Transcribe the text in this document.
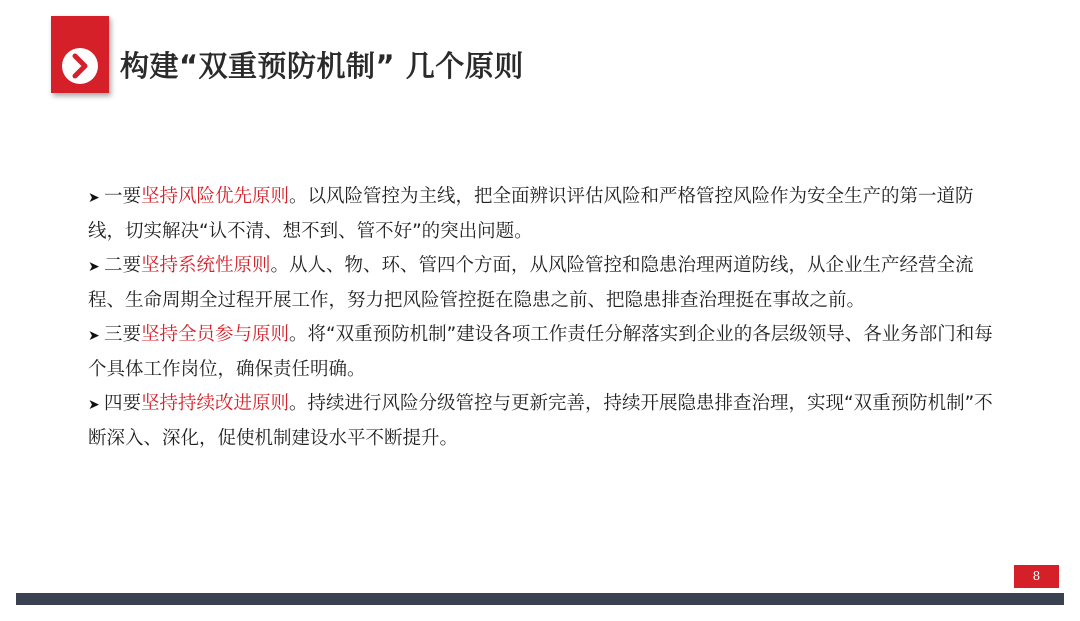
构建“双重预防机制” 几个原则

➤ 一要坚持风险优先原则。以风险管控为主线，把全面辨识评估风险和严格管控风险作为安全生产的第一道防线，切实解决“认不清、想不到、管不好”的突出问题。

➤ 二要坚持系统性原则。从人、物、环、管四个方面，从风险管控和隐患治理两道防线，从企业生产经营全流程、生命周期全过程开展工作，努力把风险管控挺在隐患之前、把隐患排查治理挺在事故之前。

➤ 三要坚持全员参与原则。将“双重预防机制”建设各项工作责任分解落实到企业的各层级领导、各业务部门和每个具体工作岗位，确保责任明确。

➤ 四要坚持持续改进原则。持续进行风险分级管控与更新完善，持续开展隐患排查治理，实现“双重预防机制”不断深入、深化，促使机制建设水平不断提升。

8
